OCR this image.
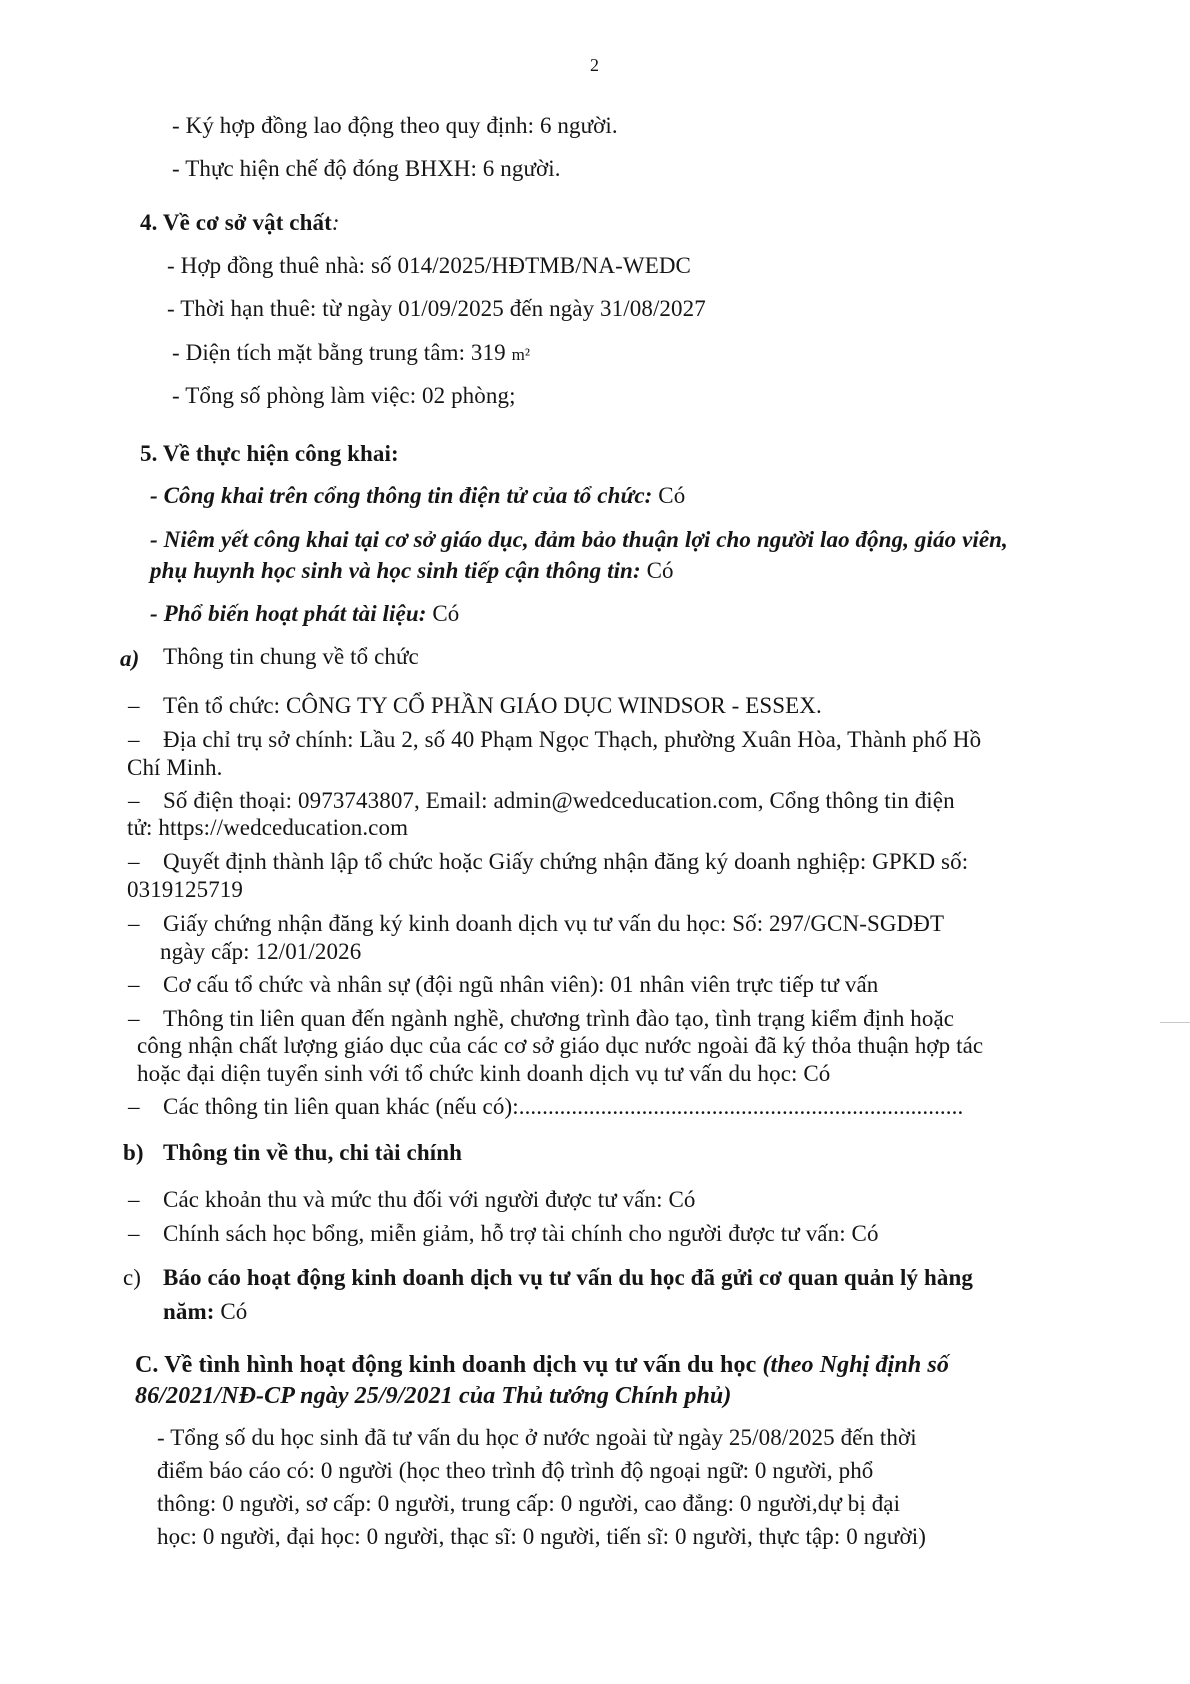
2
- Ký hợp đồng lao động theo quy định: 6 người.
- Thực hiện chế độ đóng BHXH: 6 người.
4. Về cơ sở vật chất:
- Hợp đồng thuê nhà: số 014/2025/HĐTMB/NA-WEDC
- Thời hạn thuê: từ ngày 01/09/2025 đến ngày 31/08/2027
- Diện tích mặt bằng trung tâm: 319 m²
- Tổng số phòng làm việc: 02 phòng;
5. Về thực hiện công khai:
- Công khai trên cổng thông tin điện tử của tổ chức: Có
- Niêm yết công khai tại cơ sở giáo dục, đảm bảo thuận lợi cho người lao động, giáo viên,
phụ huynh học sinh và học sinh tiếp cận thông tin: Có
- Phổ biến hoạt phát tài liệu: Có
a) Thông tin chung về tổ chức
– Tên tổ chức: CÔNG TY CỔ PHẦN GIÁO DỤC WINDSOR - ESSEX.
– Địa chỉ trụ sở chính: Lầu 2, số 40 Phạm Ngọc Thạch, phường Xuân Hòa, Thành phố Hồ
Chí Minh.
– Số điện thoại: 0973743807, Email: admin@wedceducation.com, Cổng thông tin điện
tử: https://wedceducation.com
– Quyết định thành lập tổ chức hoặc Giấy chứng nhận đăng ký doanh nghiệp: GPKD số:
0319125719
– Giấy chứng nhận đăng ký kinh doanh dịch vụ tư vấn du học: Số: 297/GCN-SGDĐT
ngày cấp: 12/01/2026
– Cơ cấu tổ chức và nhân sự (đội ngũ nhân viên): 01 nhân viên trực tiếp tư vấn
– Thông tin liên quan đến ngành nghề, chương trình đào tạo, tình trạng kiểm định hoặc
công nhận chất lượng giáo dục của các cơ sở giáo dục nước ngoài đã ký thỏa thuận hợp tác
hoặc đại diện tuyển sinh với tổ chức kinh doanh dịch vụ tư vấn du học: Có
– Các thông tin liên quan khác (nếu có):............................................................................
b) Thông tin về thu, chi tài chính
– Các khoản thu và mức thu đối với người được tư vấn: Có
– Chính sách học bổng, miễn giảm, hỗ trợ tài chính cho người được tư vấn: Có
c) Báo cáo hoạt động kinh doanh dịch vụ tư vấn du học đã gửi cơ quan quản lý hàng
năm: Có
C. Về tình hình hoạt động kinh doanh dịch vụ tư vấn du học (theo Nghị định số
86/2021/NĐ-CP ngày 25/9/2021 của Thủ tướng Chính phủ)
- Tổng số du học sinh đã tư vấn du học ở nước ngoài từ ngày 25/08/2025 đến thời
điểm báo cáo có: 0 người (học theo trình độ trình độ ngoại ngữ: 0 người, phổ
thông: 0 người, sơ cấp: 0 người, trung cấp: 0 người, cao đẳng: 0 người,dự bị đại
học: 0 người, đại học: 0 người, thạc sĩ: 0 người, tiến sĩ: 0 người, thực tập: 0 người)
